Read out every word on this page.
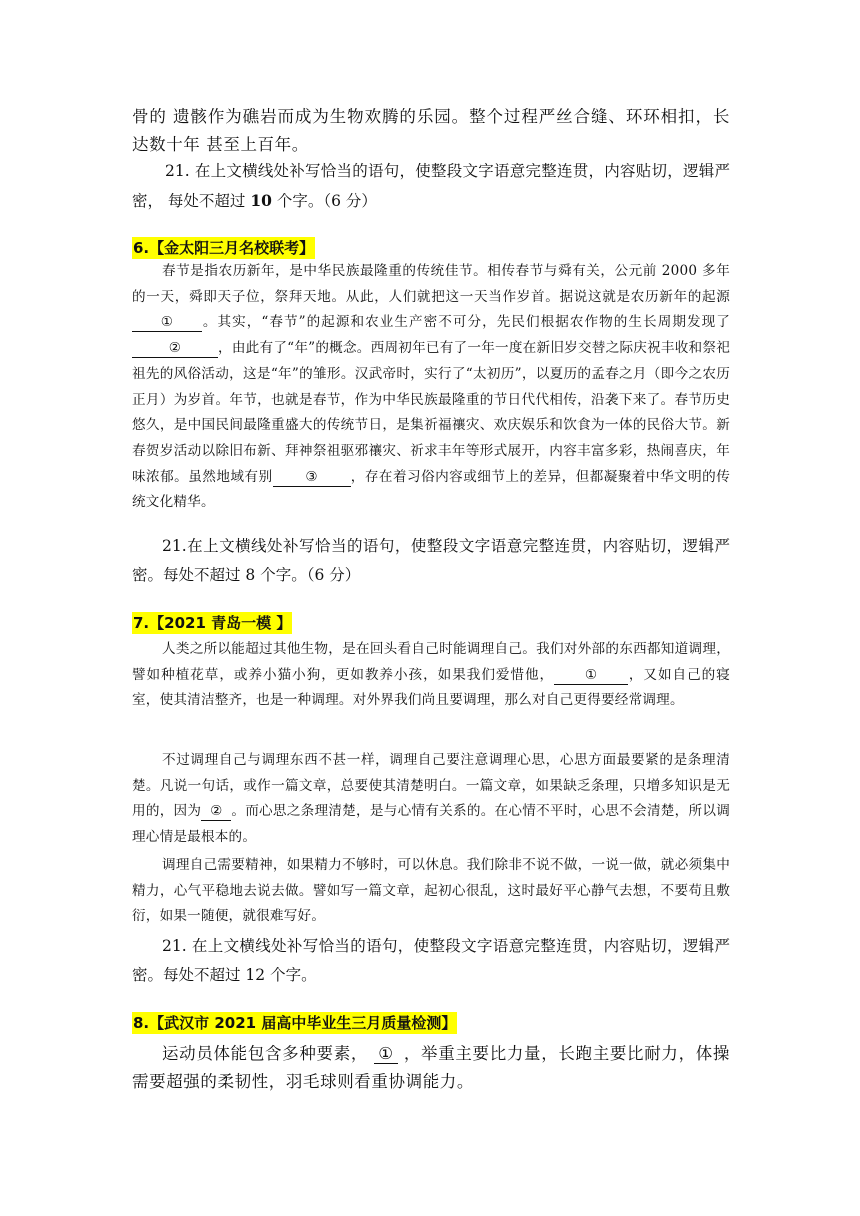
骨的 遗骸作为礁岩而成为生物欢腾的乐园。整个过程严丝合缝、环环相扣，长达数十年 甚至上百年。

21. 在上文横线处补写恰当的语句，使整段文字语意完整连贯，内容贴切，逻辑严密， 每处不超过 10 个字。（6 分）

6.【金太阳三月名校联考】

春节是指农历新年，是中华民族最隆重的传统佳节。相传春节与舜有关，公元前 2000 多年的一天，舜即天子位，祭拜天地。从此，人们就把这一天当作岁首。据说这就是农历新年的起源① 。其实，“春节”的起源和农业生产密不可分，先民们根据农作物的生长周期发现了②	，由此有了“年”的概念。西周初年已有了一年一度在新旧岁交替之际庆祝丰收和祭祀祖先的风俗活动，这是“年”的雏形。汉武帝时，实行了“太初历”，以夏历的孟春之月（即今之农历正月）为岁首。年节，也就是春节，作为中华民族最隆重的节日代代相传，沿袭下来了。春节历史悠久，是中国民间最隆重盛大的传统节日，是集祈福禳灾、欢庆娱乐和饮食为一体的民俗大节。新春贺岁活动以除旧布新、拜神祭祖驱邪禳灾、祈求丰年等形式展开，内容丰富多彩，热闹喜庆，年味浓郁。虽然地域有别 ③ ，存在着习俗内容或细节上的差异，但都凝聚着中华文明的传统文化精华。

21.在上文横线处补写恰当的语句，使整段文字语意完整连贯，内容贴切，逻辑严密。每处不超过 8 个字。（6 分）

7.【2021 青岛一模 】

人类之所以能超过其他生物，是在回头看自己时能调理自己。我们对外部的东西都知道调理，譬如种植花草，或养小猫小狗，更如教养小孩，如果我们爱惜他， ① ，又如自己的寝室，使其清洁整齐，也是一种调理。对外界我们尚且要调理，那么对自己更得要经常调理。

不过调理自己与调理东西不甚一样，调理自己要注意调理心思，心思方面最要紧的是条理清楚。凡说一句话，或作一篇文章，总要使其清楚明白。一篇文章，如果缺乏条理，只增多知识是无用的，因为 ② 。而心思之条理清楚，是与心情有关系的。在心情不平时，心思不会清楚，所以调理心情是最根本的。

调理自己需要精神，如果精力不够时，可以休息。我们除非不说不做，一说一做，就必须集中精力，心气平稳地去说去做。譬如写一篇文章，起初心很乱，这时最好平心静气去想，不要苟且敷衍，如果一随便，就很难写好。

21. 在上文横线处补写恰当的语句，使整段文字语意完整连贯，内容贴切，逻辑严密。每处不超过 12 个字。

8.【武汉市 2021 届高中毕业生三月质量检测】

运动员体能包含多种要素， ① ，举重主要比力量，长跑主要比耐力，体操需要超强的柔韧性，羽毛球则看重协调能力。
